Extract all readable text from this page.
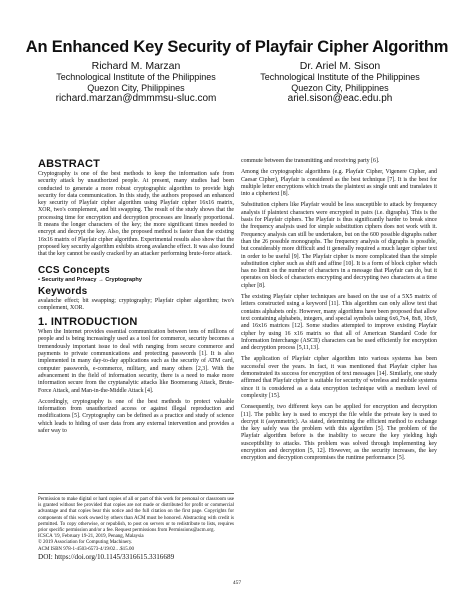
An Enhanced Key Security of Playfair Cipher Algorithm
Richard M. Marzan
Technological Institute of the Philippines
Quezon City, Philippines
richard.marzan@dmmmsu-sluc.com
Dr. Ariel M. Sison
Technological Institute of the Philippines
Quezon City, Philippines
ariel.sison@eac.edu.ph
ABSTRACT

Cryptography is one of the best methods to keep the information safe from security attack by unauthorized people. At present, many studies had been conducted to generate a more robust cryptographic algorithm to provide high security for data communication. In this study, the authors proposed an enhanced key security of Playfair cipher algorithm using Playfair cipher 16x16 matrix, XOR, two's complement, and bit swapping. The result of the study shows that the processing time for encryption and decryption processes are linearly proportional. It means the longer characters of the key; the more significant times needed to encrypt and decrypt the key. Also, the proposed method is faster than the existing 16x16 matrix of Playfair cipher algorithm. Experimental results also show that the proposed key security algorithm exhibits strong avalanche effect. It was also found that the key cannot be easily cracked by an attacker performing brute-force attack.

CCS Concepts
• Security and Privacy → Cryptography
Keywords

avalanche effect; bit swapping; cryptography; Playfair cipher algorithm; two's complement, XOR.

1. INTRODUCTION

When the Internet provides essential communication between tens of millions of people and is being increasingly used as a tool for commerce, security becomes a tremendously important issue to deal with ranging from secure commerce and payments to private communications and protecting passwords [1]. It is also implemented in many day-to-day applications such as the security of ATM card, computer passwords, e-commerce, military, and many others [2,3]. With the advancement in the field of information security, there is a need to make more information secure from the cryptanalytic attacks like Boomerang Attack, Brute-Force Attack, and Man-in-the-Middle Attack [4].

Accordingly, cryptography is one of the best methods to protect valuable information from unauthorized access or against illegal reproduction and modifications [5]. Cryptography can be defined as a practice and study of science which leads to hiding of user data from any external intervention and provides a safer way to

Permission to make digital or hard copies of all or part of this work for personal or classroom use is granted without fee provided that copies are not made or distributed for profit or commercial advantage and that copies bear this notice and the full citation on the first page. Copyrights for components of this work owned by others than ACM must be honored. Abstracting with credit is permitted. To copy otherwise, or republish, to post on servers or to redistribute to lists, requires prior specific permission and/or a fee. Request permissions from Permissions@acm.org.
ICSCA '19, February 19-21, 2019, Penang, Malaysia
© 2019 Association for Computing Machinery.
ACM ISBN 978-1-4503-6573-4/19/02…$15.00
DOI: https://doi.org/10.1145/3316615.3316689

commute between the transmitting and receiving party [6].

Among the cryptographic algorithms (e.g. Playfair Cipher, Vigenere Cipher, and Caesar Cipher), Playfair is considered as the best technique [7]. It is the best for multiple letter encryptions which treats the plaintext as single unit and translates it into a ciphertext [8].

Substitution ciphers like Playfair would be less susceptible to attack by frequency analysis if plaintext characters were encrypted in pairs (i.e. digraphs). This is the basis for Playfair ciphers. The Playfair is thus significantly harder to break since the frequency analysis used for simple substitution ciphers does not work with it. Frequency analysis can still be undertaken, but on the 600 possible digraphs rather than the 26 possible monographs. The frequency analysis of digraphs is possible, but considerably more difficult and it generally required a much larger cipher text in order to be useful [9]. The Playfair cipher is more complicated than the simple substitution cipher such as shift and affine [10]. It is a form of block cipher which has no limit on the number of characters in a message that Playfair can do, but it operates on block of characters encrypting and decrypting two characters at a time cipher [8].

The existing Playfair cipher techniques are based on the use of a 5X5 matrix of letters constructed using a keyword [11]. This algorithm can only allow text that contains alphabets only. However, many algorithms have been proposed that allow text containing alphabets, integers, and special symbols using 6x6,7x4, 8x8, 10x9, and 16x16 matrices [12]. Some studies attempted to improve existing Playfair cipher by using 16 x16 matrix so that all of American Standard Code for Information Interchange (ASCII) characters can be used efficiently for encryption and decryption process [5,11,13].

The application of Playfair cipher algorithm into various systems has been successful over the years. In fact, it was mentioned that Playfair cipher has demonstrated its success for encryption of text messages [14]. Similarly, one study affirmed that Playfair cipher is suitable for security of wireless and mobile systems since it is considered as a data encryption technique with a medium level of complexity [15].

Consequently, two different keys can be applied for encryption and decryption [11]. The public key is used to encrypt the file while the private key is used to decrypt it (asymmetric). As stated, determining the efficient method to exchange the key safely was the problem with this algorithm [5]. The problem of the Playfair algorithm before is the inability to secure the key yielding high susceptibility to attacks. This problem was solved through implementing key encryption and decryption [5, 12]. However, as the security increases, the key encryption and decryption compromises the runtime performance [5].

457
